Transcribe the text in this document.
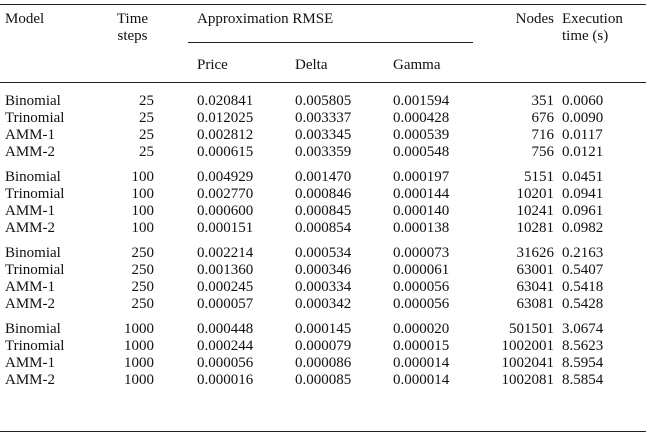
Model	Time
steps		Approximation RMSE			Nodes		Execution
time (s)
			Price	Delta	Gamma			
Binomial	25		0.020841	0.005805	0.001594	351		0.0060
Trinomial	25		0.012025	0.003337	0.000428	676		0.0090
AMM-1	25		0.002812	0.003345	0.000539	716		0.0117
AMM-2	25		0.000615	0.003359	0.000548	756		0.0121
Binomial	100		0.004929	0.001470	0.000197	5151		0.0451
Trinomial	100		0.002770	0.000846	0.000144	10201		0.0941
AMM-1	100		0.000600	0.000845	0.000140	10241		0.0961
AMM-2	100		0.000151	0.000854	0.000138	10281		0.0982
Binomial	250		0.002214	0.000534	0.000073	31626		0.2163
Trinomial	250		0.001360	0.000346	0.000061	63001		0.5407
AMM-1	250		0.000245	0.000334	0.000056	63041		0.5418
AMM-2	250		0.000057	0.000342	0.000056	63081		0.5428
Binomial	1000		0.000448	0.000145	0.000020	501501		3.0674
Trinomial	1000		0.000244	0.000079	0.000015	1002001		8.5623
AMM-1	1000		0.000056	0.000086	0.000014	1002041		8.5954
AMM-2	1000		0.000016	0.000085	0.000014	1002081		8.5854
